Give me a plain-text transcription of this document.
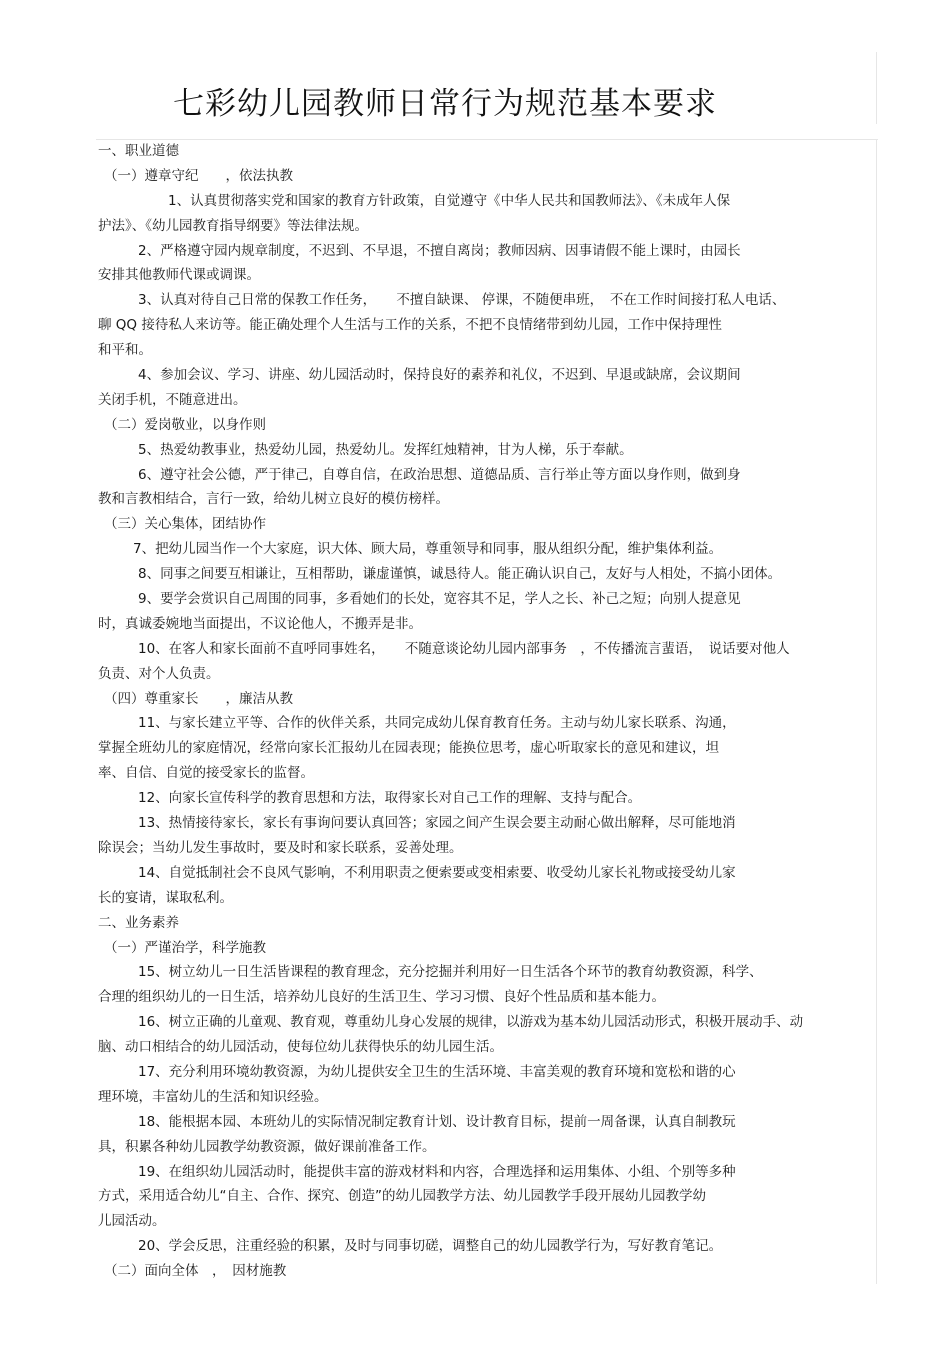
七彩幼儿园教师日常行为规范基本要求
一、职业道德
（一）遵章守纪　　，依法执教
1、认真贯彻落实党和国家的教育方针政策，自觉遵守《中华人民共和国教师法》、《未成年人保
护法》、《幼儿园教育指导纲要》等法律法规。
2、严格遵守园内规章制度，不迟到、不早退，不擅自离岗；教师因病、因事请假不能上课时，由园长
安排其他教师代课或调课。
3、认真对待自己日常的保教工作任务，　　不擅自缺课、 停课，不随便串班，　不在工作时间接打私人电话、
聊 QQ 接待私人来访等。能正确处理个人生活与工作的关系，不把不良情绪带到幼儿园，工作中保持理性
和平和。
4、参加会议、学习、讲座、幼儿园活动时，保持良好的素养和礼仪，不迟到、早退或缺席，会议期间
关闭手机，不随意进出。
（二）爱岗敬业，以身作则
5、热爱幼教事业，热爱幼儿园，热爱幼儿。发挥红烛精神，甘为人梯，乐于奉献。
6、遵守社会公德，严于律己，自尊自信，在政治思想、道德品质、言行举止等方面以身作则，做到身
教和言教相结合，言行一致，给幼儿树立良好的模仿榜样。
（三）关心集体，团结协作
7、把幼儿园当作一个大家庭，识大体、顾大局，尊重领导和同事，服从组织分配，维护集体利益。
8、同事之间要互相谦让，互相帮助，谦虚谨慎，诚恳待人。能正确认识自己，友好与人相处，不搞小团体。
9、要学会赏识自己周围的同事，多看她们的长处，宽容其不足，学人之长、补己之短；向别人提意见
时，真诚委婉地当面提出，不议论他人，不搬弄是非。
10、在客人和家长面前不直呼同事姓名，　　不随意谈论幼儿园内部事务　，不传播流言蜚语，　说话要对他人
负责、对个人负责。
（四）尊重家长　　，廉洁从教
11、与家长建立平等、合作的伙伴关系，共同完成幼儿保育教育任务。主动与幼儿家长联系、沟通，
掌握全班幼儿的家庭情况，经常向家长汇报幼儿在园表现；能换位思考，虚心听取家长的意见和建议，坦
率、自信、自觉的接受家长的监督。
12、向家长宣传科学的教育思想和方法，取得家长对自己工作的理解、支持与配合。
13、热情接待家长，家长有事询问要认真回答；家园之间产生误会要主动耐心做出解释，尽可能地消
除误会；当幼儿发生事故时，要及时和家长联系，妥善处理。
14、自觉抵制社会不良风气影响，不利用职责之便索要或变相索要、收受幼儿家长礼物或接受幼儿家
长的宴请，谋取私利。
二、业务素养
（一）严谨治学，科学施教
15、树立幼儿一日生活皆课程的教育理念，充分挖掘并利用好一日生活各个环节的教育幼教资源，科学、
合理的组织幼儿的一日生活，培养幼儿良好的生活卫生、学习习惯、良好个性品质和基本能力。
16、树立正确的儿童观、教育观，尊重幼儿身心发展的规律，以游戏为基本幼儿园活动形式，积极开展动手、动
脑、动口相结合的幼儿园活动，使每位幼儿获得快乐的幼儿园生活。
17、充分利用环境幼教资源，为幼儿提供安全卫生的生活环境、丰富美观的教育环境和宽松和谐的心
理环境，丰富幼儿的生活和知识经验。
18、能根据本园、本班幼儿的实际情况制定教育计划、设计教育目标，提前一周备课，认真自制教玩
具，积累各种幼儿园教学幼教资源，做好课前准备工作。
19、在组织幼儿园活动时，能提供丰富的游戏材料和内容，合理选择和运用集体、小组、个别等多种
方式，采用适合幼儿“自主、合作、探究、创造”的幼儿园教学方法、幼儿园教学手段开展幼儿园教学幼
儿园活动。
20、学会反思，注重经验的积累，及时与同事切磋，调整自己的幼儿园教学行为，写好教育笔记。
（二）面向全体　，　因材施教
